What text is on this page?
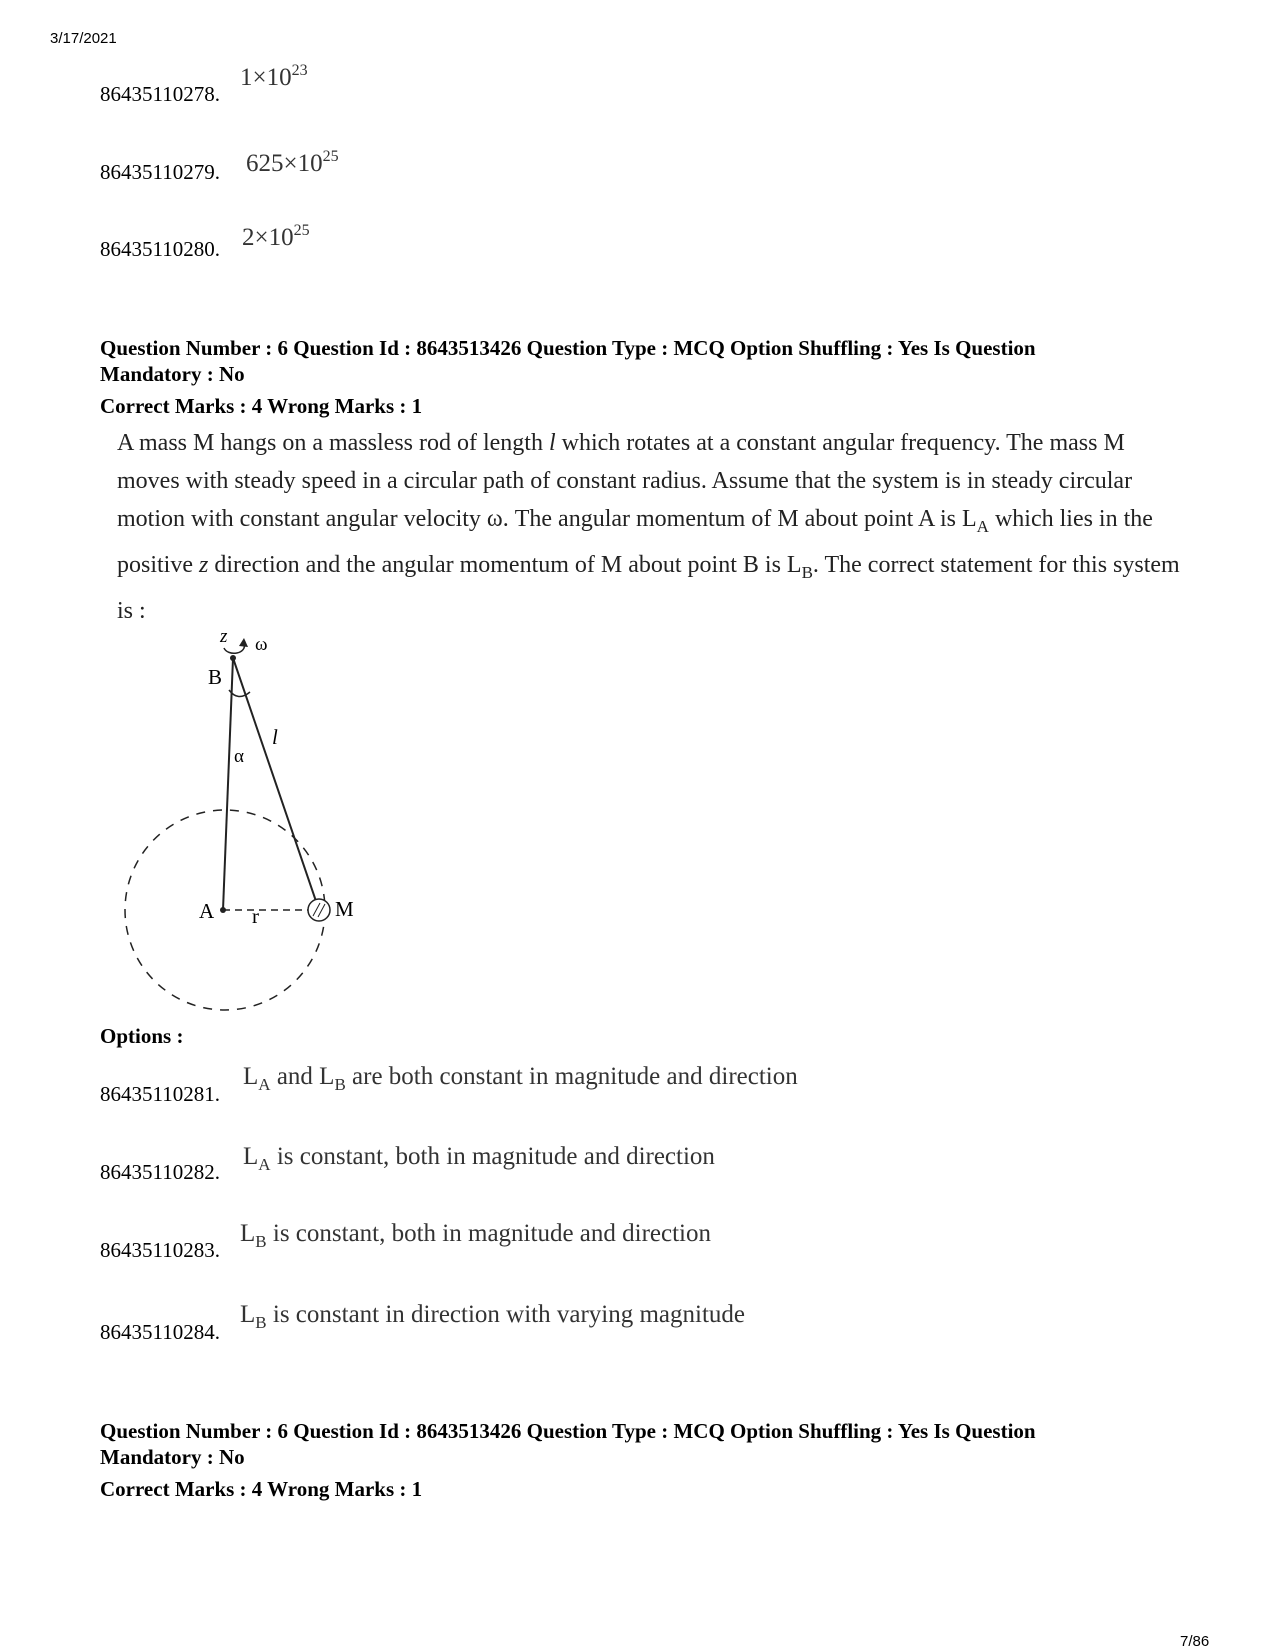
3/17/2021
86435110278.
$1\times 10^{23}$
86435110279. $625\times 10^{25}$
86435110280. $2\times 10^{25}$
Question Number : 6 Question Id : 8643513426 Question Type : MCQ Option Shuffling : Yes Is Question
Mandatory : No
Correct Marks : 4 Wrong Marks : 1
A mass M hangs on a massless rod of length l which rotates at a constant angular frequency. The mass M moves with steady speed in a circular path of constant radius. Assume that the system is in steady circular motion with constant angular velocity ω. The angular momentum of M about point A is $L_A$ which lies in the positive z direction and the angular momentum of M about point B is $L_B$. The correct statement for this system is :
z ω
B
l
α
A r	M
Options :
86435110281.
$L_A$ and $L_B$ are both constant in magnitude and direction
86435110282.
$L_A$ is constant, both in magnitude and direction
86435110283.
$L_B$ is constant, both in magnitude and direction
86435110284.
$L_B$ is constant in direction with varying magnitude
Question Number : 6 Question Id : 8643513426 Question Type : MCQ Option Shuffling : Yes Is Question
Mandatory : No
Correct Marks : 4 Wrong Marks : 1
7/86
